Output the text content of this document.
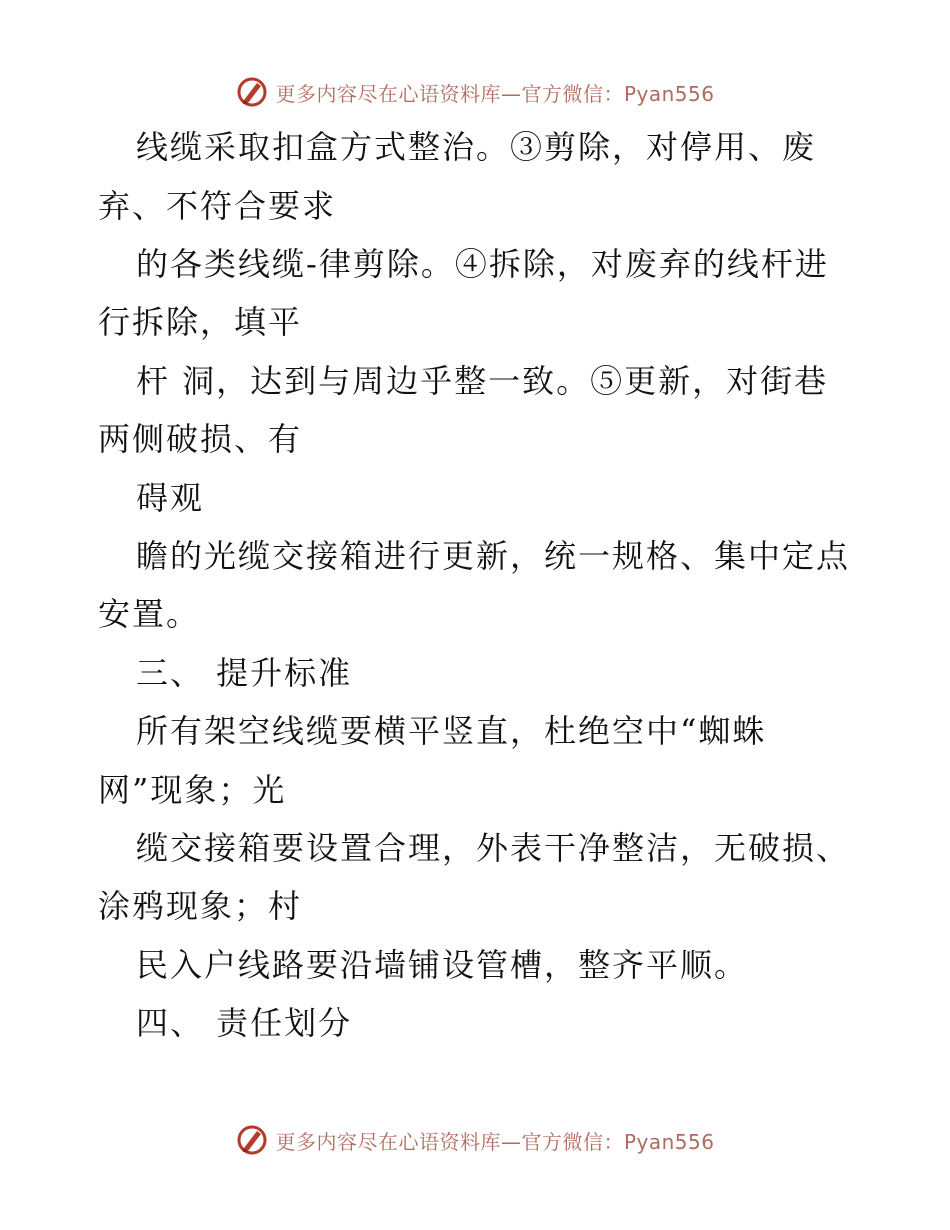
更多内容尽在心语资料库—官方微信：Pyan556
线缆采取扣盒方式整治。③剪除，对停用、废
弃、不符合要求
的各类线缆-律剪除。④拆除，对废弃的线杆进
行拆除，填平
杆 洞，达到与周边乎整一致。⑤更新，对街巷
两侧破损、有
碍观
瞻的光缆交接箱进行更新，统一规格、集中定点
安置。
三、 提升标准
所有架空线缆要横平竖直，杜绝空中“蜘蛛
网”现象；光
缆交接箱要设置合理，外表干净整洁，无破损、
涂鸦现象；村
民入户线路要沿墙铺设管槽，整齐平顺。
四、 责任划分
更多内容尽在心语资料库—官方微信：Pyan556
